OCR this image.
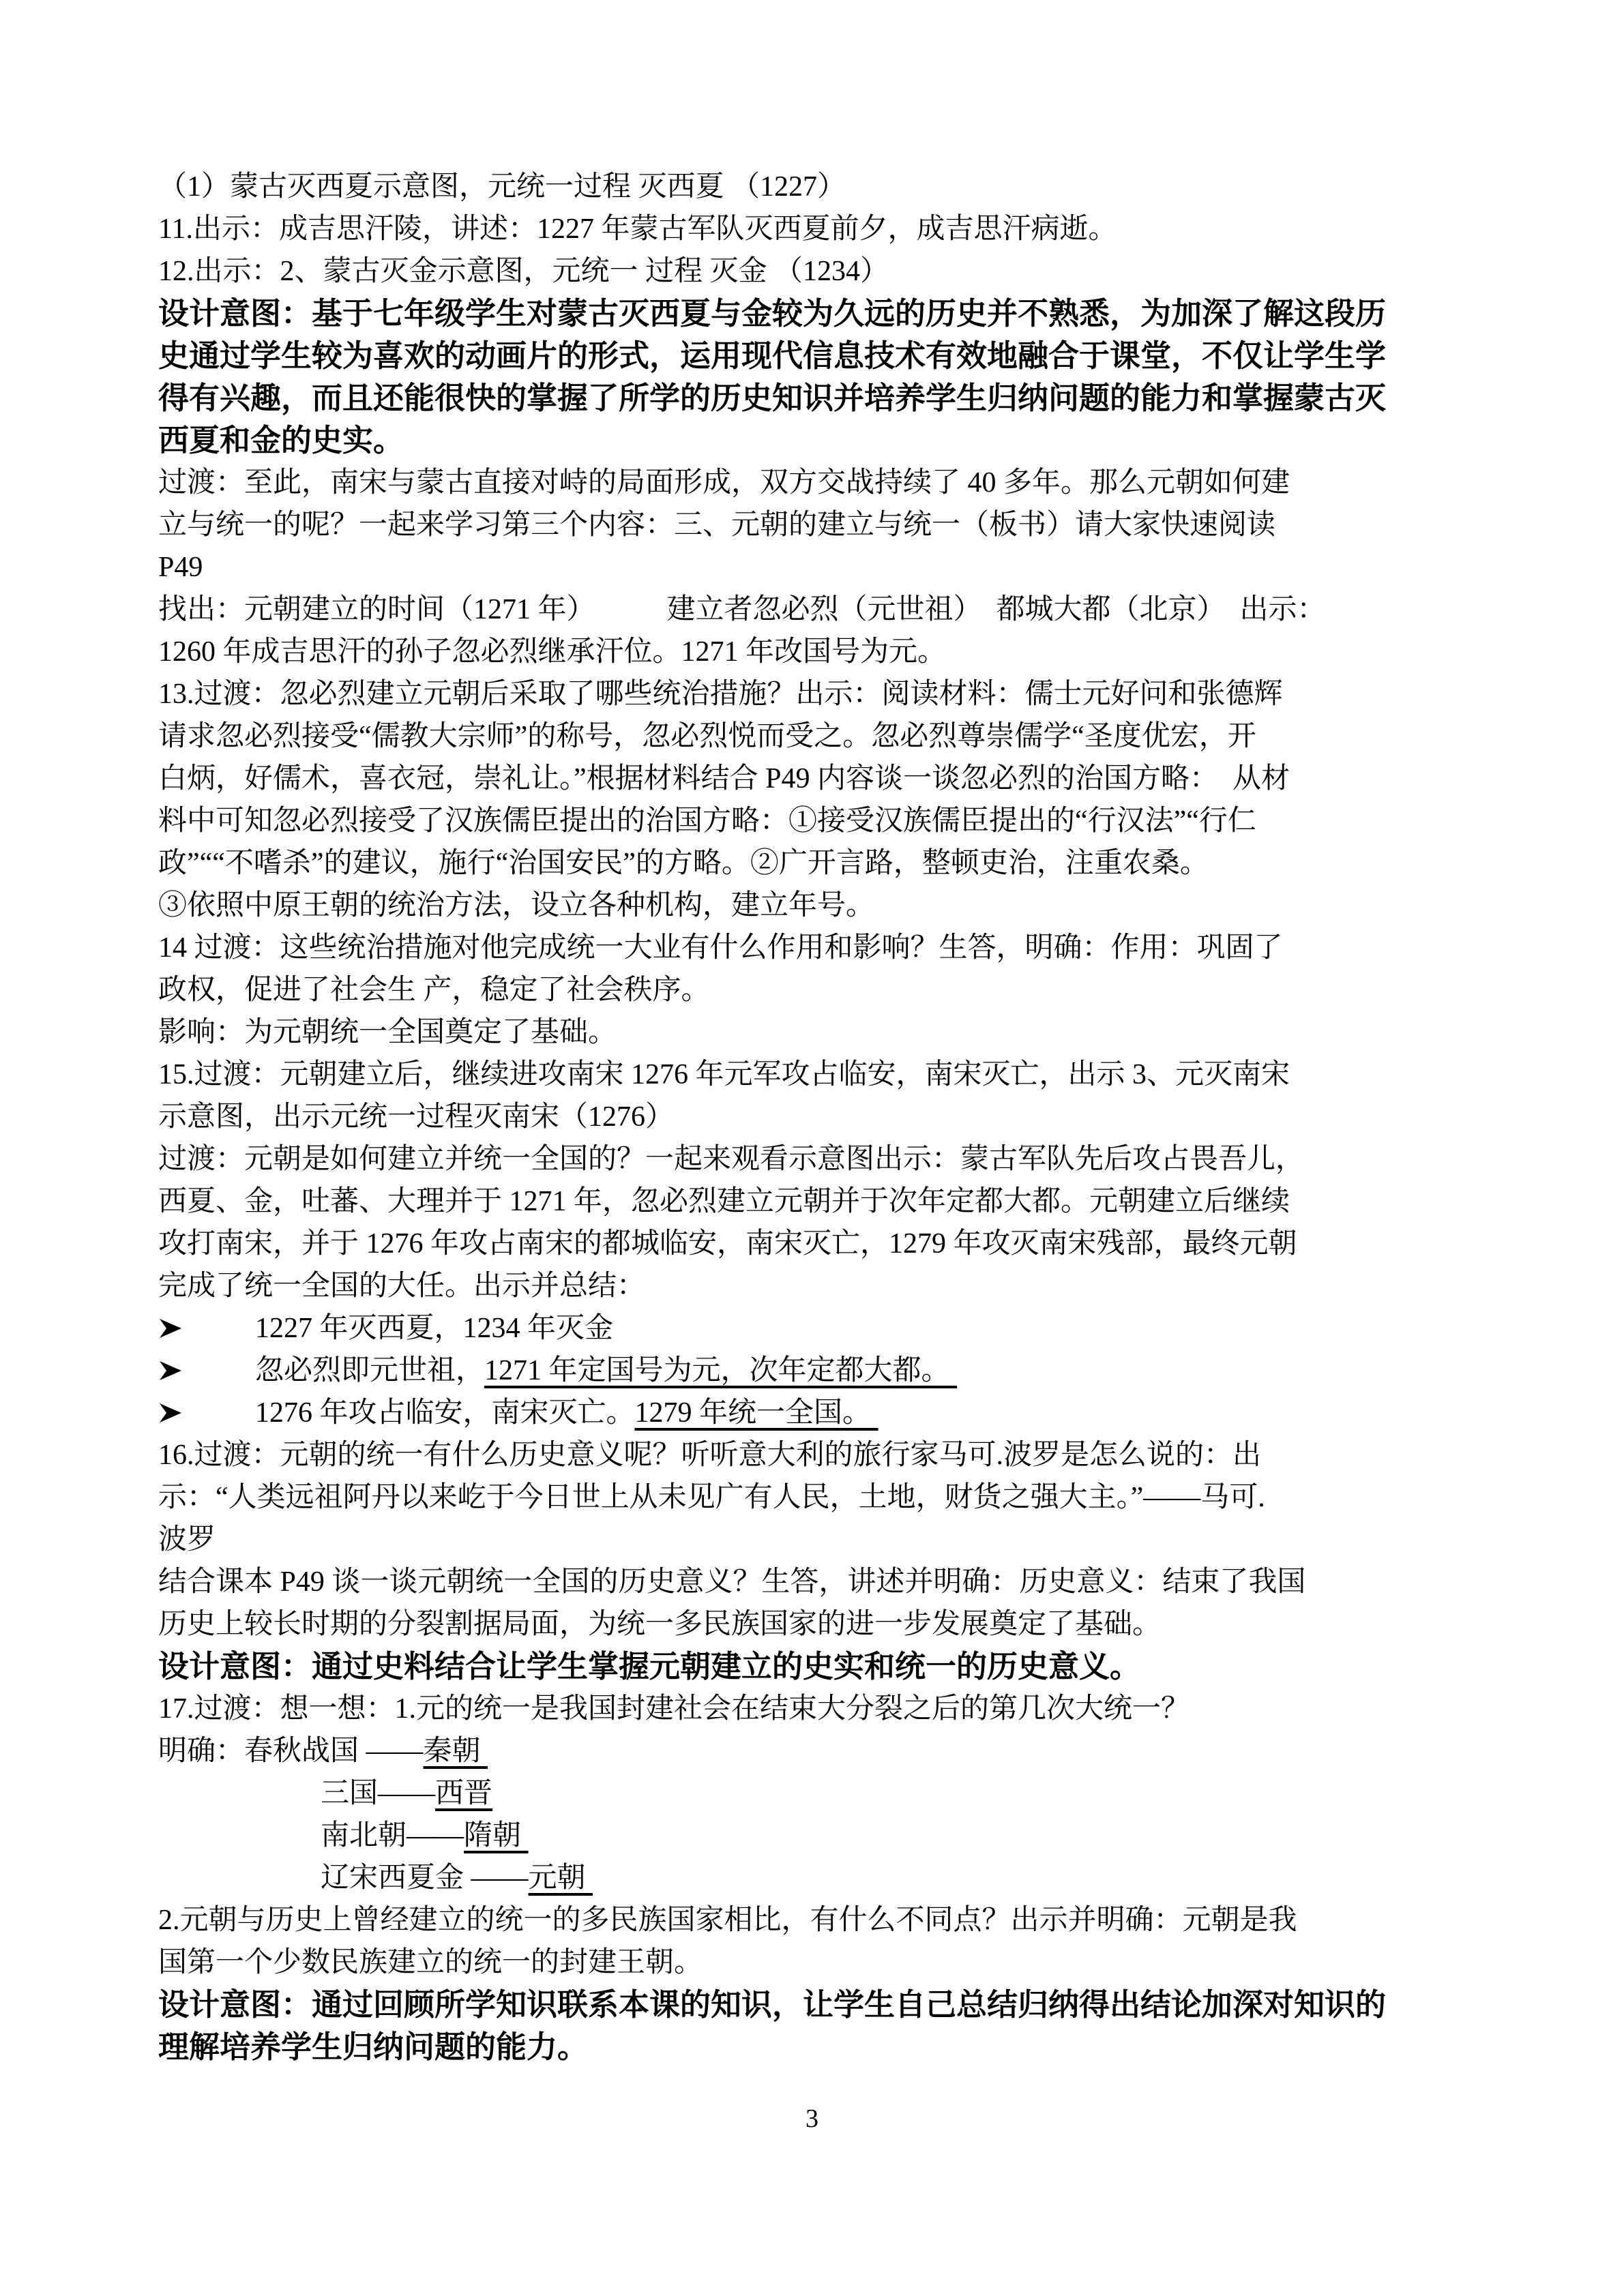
（1）蒙古灭西夏示意图，元统一过程 灭西夏 （1227）
11.出示：成吉思汗陵，讲述：1227 年蒙古军队灭西夏前夕，成吉思汗病逝。
12.出示：2、蒙古灭金示意图，元统一 过程 灭金 （1234）
设计意图：基于七年级学生对蒙古灭西夏与金较为久远的历史并不熟悉，为加深了解这段历
史通过学生较为喜欢的动画片的形式，运用现代信息技术有效地融合于课堂，不仅让学生学
得有兴趣，而且还能很快的掌握了所学的历史知识并培养学生归纳问题的能力和掌握蒙古灭
西夏和金的史实。
过渡：至此，南宋与蒙古直接对峙的局面形成，双方交战持续了 40 多年。那么元朝如何建
立与统一的呢？一起来学习第三个内容：三、元朝的建立与统一（板书）请大家快速阅读
P49
找出：元朝建立的时间（1271 年）　　　建立者忽必烈（元世祖）　都城大都（北京）　出示：
1260 年成吉思汗的孙子忽必烈继承汗位。1271 年改国号为元。
13.过渡：忽必烈建立元朝后采取了哪些统治措施？出示：阅读材料：儒士元好问和张德辉
请求忽必烈接受“儒教大宗师”的称号，忽必烈悦而受之。忽必烈尊崇儒学“圣度优宏，开
白炳，好儒术，喜衣冠，崇礼让。”根据材料结合 P49 内容谈一谈忽必烈的治国方略：　从材
料中可知忽必烈接受了汉族儒臣提出的治国方略：①接受汉族儒臣提出的“行汉法”“行仁
政”““不嗜杀”的建议，施行“治国安民”的方略。②广开言路，整顿吏治，注重农桑。
③依照中原王朝的统治方法，设立各种机构，建立年号。
14 过渡：这些统治措施对他完成统一大业有什么作用和影响？生答，明确：作用：巩固了
政权，促进了社会生 产，稳定了社会秩序。
影响：为元朝统一全国奠定了基础。
15.过渡：元朝建立后，继续进攻南宋 1276 年元军攻占临安，南宋灭亡，出示 3、元灭南宋
示意图，出示元统一过程灭南宋（1276）
过渡：元朝是如何建立并统一全国的？一起来观看示意图出示：蒙古军队先后攻占畏吾儿，
西夏、金，吐蕃、大理并于 1271 年，忽必烈建立元朝并于次年定都大都。元朝建立后继续
攻打南宋，并于 1276 年攻占南宋的都城临安，南宋灭亡，1279 年攻灭南宋残部，最终元朝
完成了统一全国的大任。出示并总结：
1227 年灭西夏，1234 年灭金
忽必烈即元世祖，1271 年定国号为元，次年定都大都。
1276 年攻占临安，南宋灭亡。1279 年统一全国。
16.过渡：元朝的统一有什么历史意义呢？听听意大利的旅行家马可.波罗是怎么说的：出
示：“人类远祖阿丹以来屹于今日世上从未见广有人民，土地，财货之强大主。”——马可.
波罗
结合课本 P49 谈一谈元朝统一全国的历史意义？生答，讲述并明确：历史意义：结束了我国
历史上较长时期的分裂割据局面，为统一多民族国家的进一步发展奠定了基础。
设计意图：通过史料结合让学生掌握元朝建立的史实和统一的历史意义。
17.过渡：想一想：1.元的统一是我国封建社会在结束大分裂之后的第几次大统一？
明确：春秋战国 ——秦朝
三国——西晋
南北朝——隋朝
辽宋西夏金 ——元朝
2.元朝与历史上曾经建立的统一的多民族国家相比，有什么不同点？出示并明确：元朝是我
国第一个少数民族建立的统一的封建王朝。
设计意图：通过回顾所学知识联系本课的知识，让学生自己总结归纳得出结论加深对知识的
理解培养学生归纳问题的能力。
3
